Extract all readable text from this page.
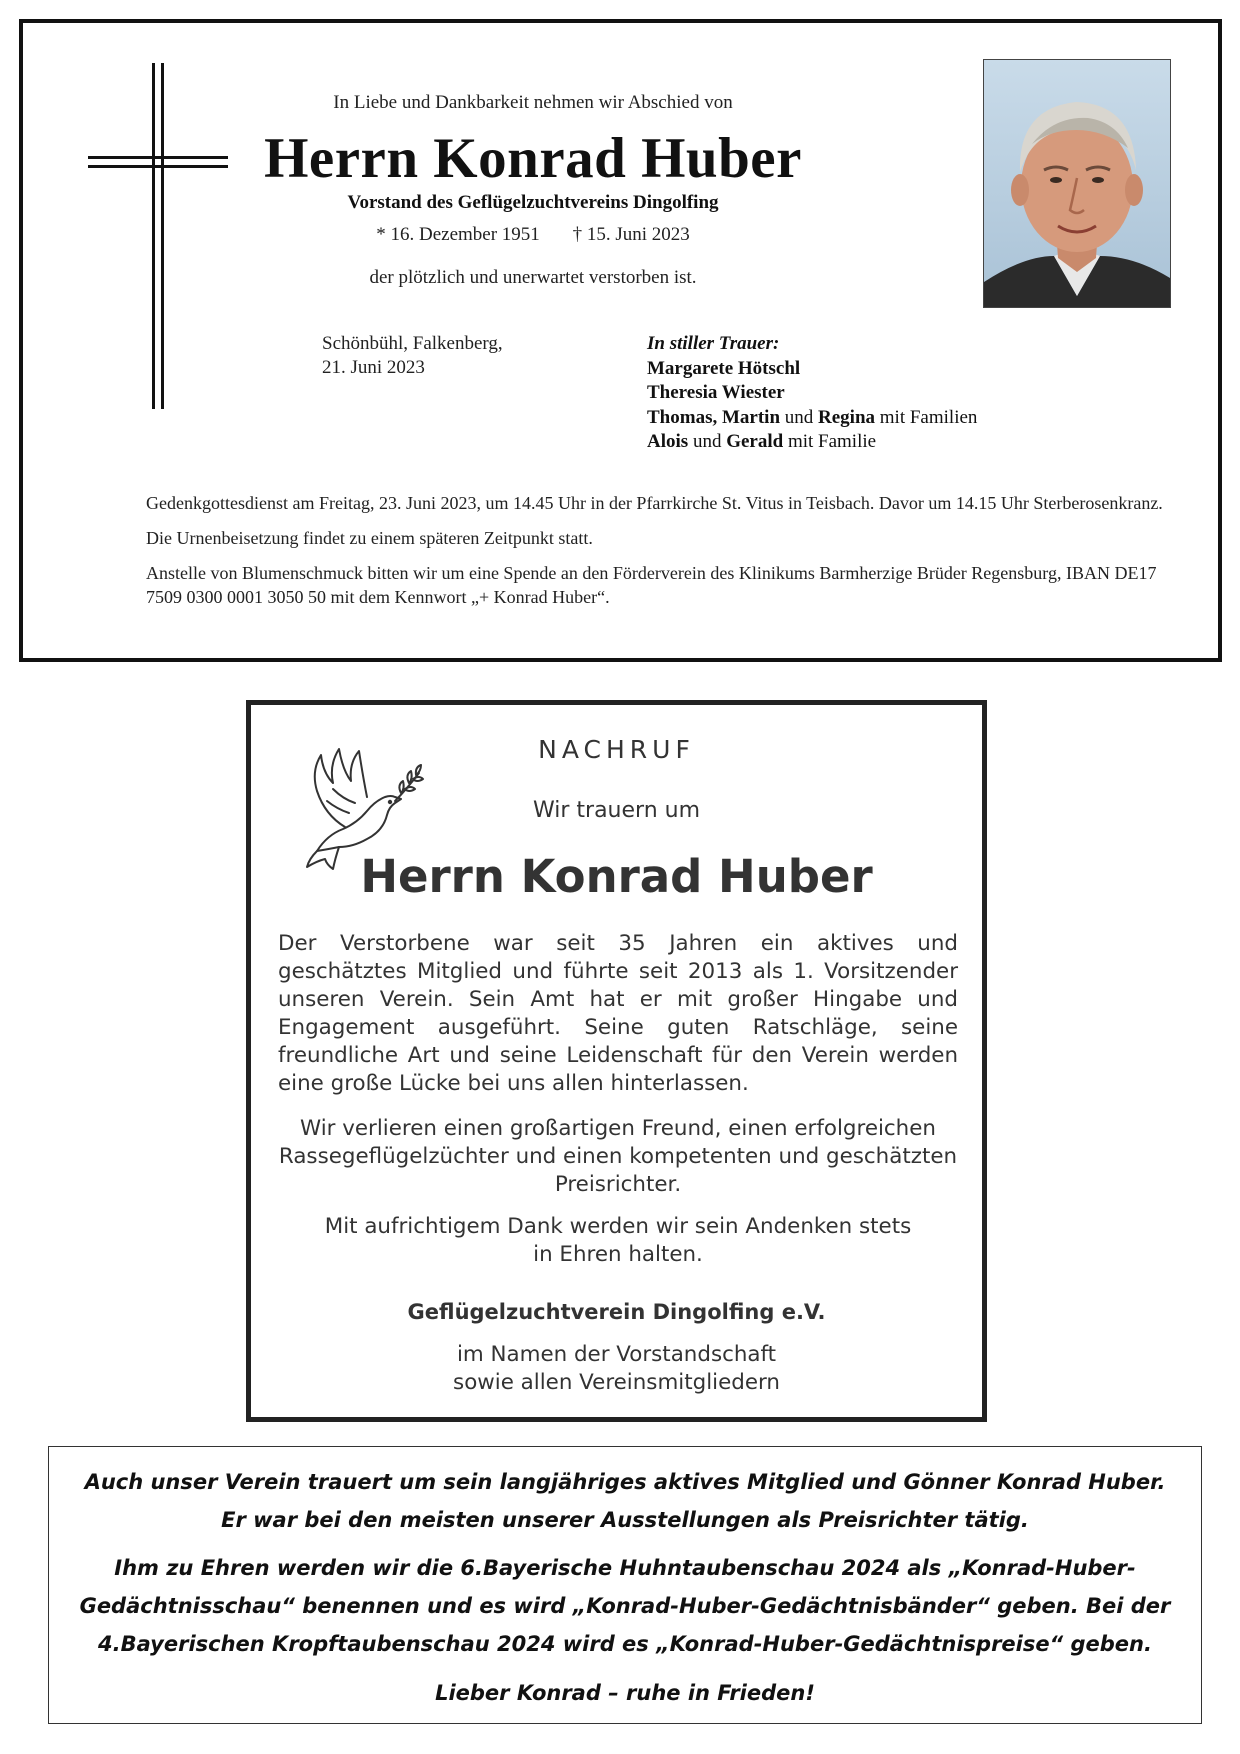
In Liebe und Dankbarkeit nehmen wir Abschied von
Herrn Konrad Huber
Vorstand des Geflügelzuchtvereins Dingolfing
* 16. Dezember 1951 † 15. Juni 2023
der plötzlich und unerwartet verstorben ist.
Schönbühl, Falkenberg,
21. Juni 2023
In stiller Trauer:
Margarete Hötschl
Theresia Wiester
Thomas, Martin und Regina mit Familien
Alois und Gerald mit Familie

Gedenkgottesdienst am Freitag, 23. Juni 2023, um 14.45 Uhr in der Pfarrkirche St. Vitus in Teisbach. Davor um 14.15 Uhr Sterberosenkranz.

Die Urnenbeisetzung findet zu einem späteren Zeitpunkt statt.

Anstelle von Blumenschmuck bitten wir um eine Spende an den Förderverein des Klinikums Barmherzige Brüder Regensburg, IBAN DE17 7509 0300 0001 3050 50 mit dem Kennwort „+ Konrad Huber“.

NACHRUF
Wir trauern um
Herrn Konrad Huber
Der Verstorbene war seit 35 Jahren ein aktives und geschätztes Mitglied und führte seit 2013 als 1. Vorsitzender unseren Verein. Sein Amt hat er mit großer Hingabe und Engagement ausgeführt. Seine guten Ratschläge, seine freundliche Art und seine Leidenschaft für den Verein werden eine große Lücke bei uns allen hinterlassen.
Wir verlieren einen großartigen Freund, einen erfolgreichen
Rassegeflügelzüchter und einen kompetenten und geschätzten
Preisrichter.
Mit aufrichtigem Dank werden wir sein Andenken stets
in Ehren halten.
Geflügelzuchtverein Dingolfing e.V.
im Namen der Vorstandschaft
sowie allen Vereinsmitgliedern

Auch unser Verein trauert um sein langjähriges aktives Mitglied und Gönner Konrad Huber.

Er war bei den meisten unserer Ausstellungen als Preisrichter tätig.

Ihm zu Ehren werden wir die 6.Bayerische Huhntaubenschau 2024 als „Konrad-Huber-

Gedächtnisschau“ benennen und es wird „Konrad-Huber-Gedächtnisbänder“ geben. Bei der

4.Bayerischen Kropftaubenschau 2024 wird es „Konrad-Huber-Gedächtnispreise“ geben.

Lieber Konrad – ruhe in Frieden!
